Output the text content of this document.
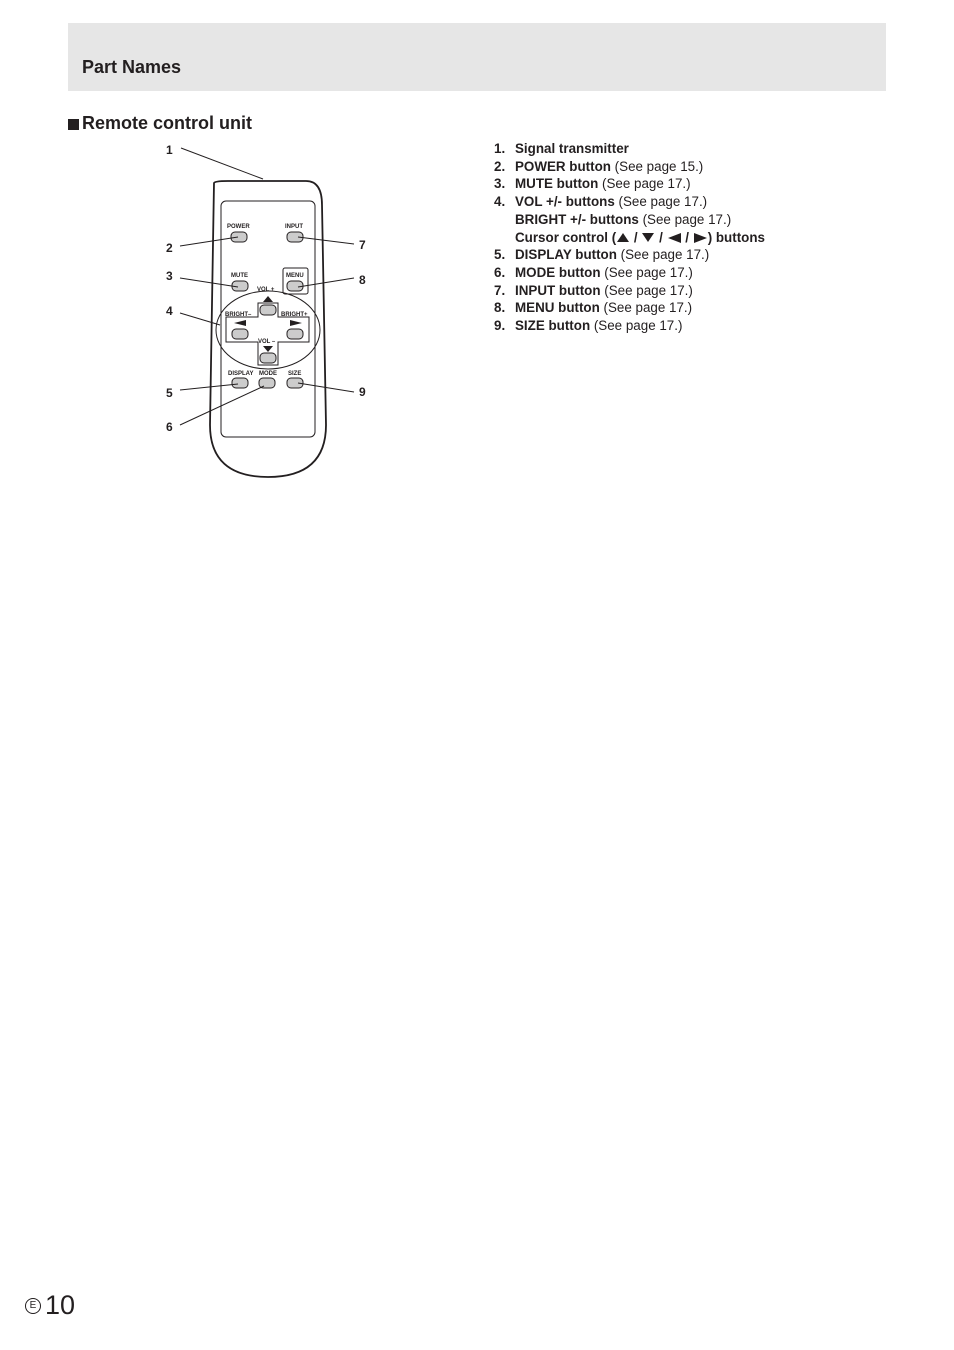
Part Names
Remote control unit
POWER	INPUT
MUTE	MENU
VOL +
VOL –
BRIGHT–	BRIGHT+
DISPLAY MODE SIZE
1
2
3
4
5
6
7
8
9
1. Signal transmitter
2. POWER button (See page 15.)
3. MUTE button (See page 17.)
4. VOL +/- buttons (See page 17.)
BRIGHT +/- buttons (See page 17.)
Cursor control ( /  /  / ) buttons
5. DISPLAY button (See page 17.)
6. MODE button (See page 17.)
7. INPUT button (See page 17.)
8. MENU button (See page 17.)
9. SIZE button (See page 17.)
E 10
